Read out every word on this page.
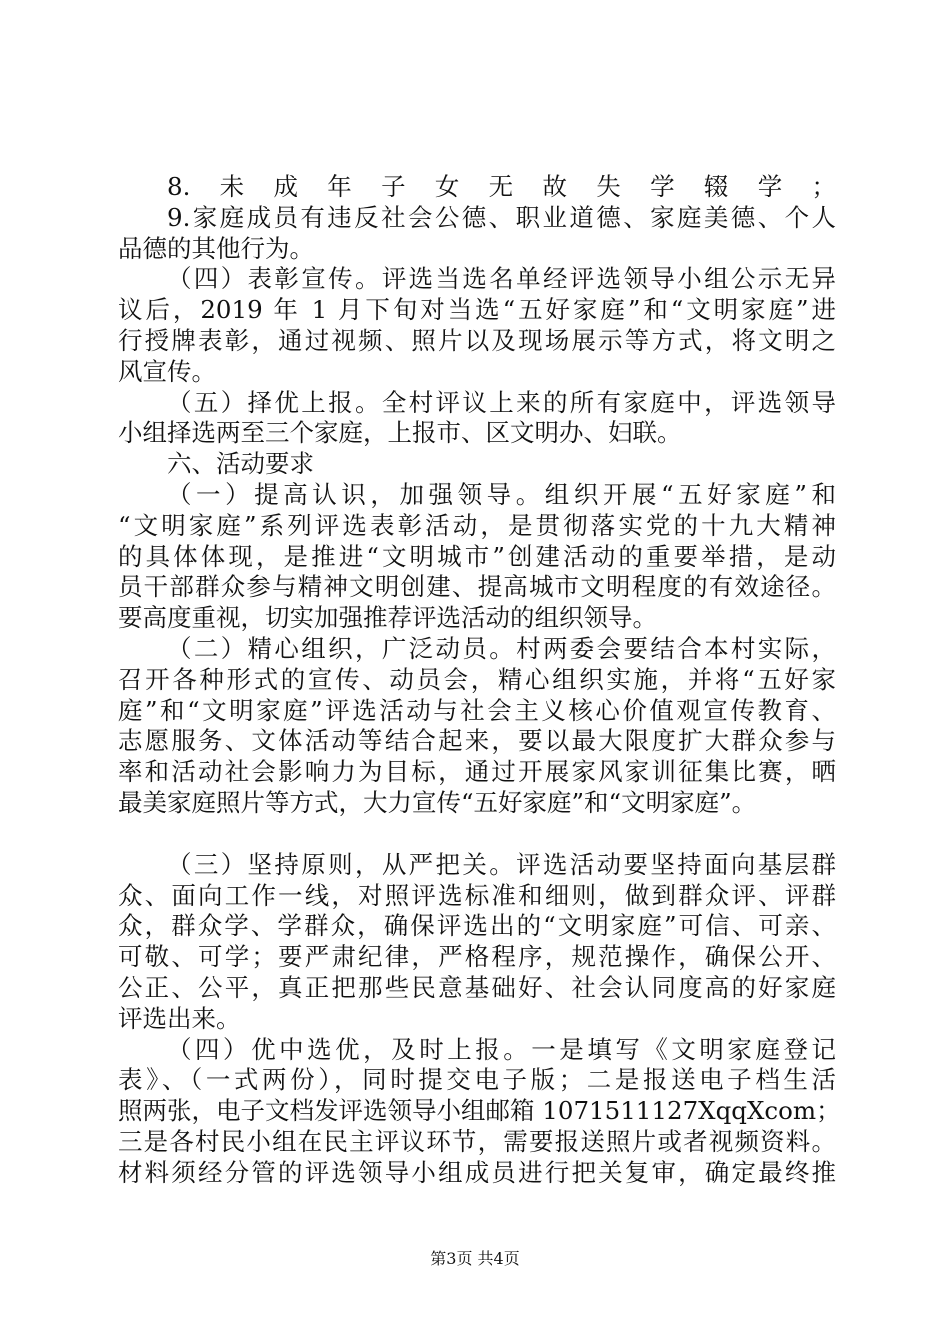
8.未成年子女无故失学辍学；
9.家庭成员有违反社会公德、职业道德、家庭美德、个人
品德的其他行为。
（四）表彰宣传。评选当选名单经评选领导小组公示无异
议后，2019 年 1 月下旬对当选“五好家庭”和“文明家庭”进
行授牌表彰，通过视频、照片以及现场展示等方式，将文明之
风宣传。
（五）择优上报。全村评议上来的所有家庭中，评选领导
小组择选两至三个家庭，上报市、区文明办、妇联。
六、活动要求
（一）提高认识，加强领导。组织开展“五好家庭”和
“文明家庭”系列评选表彰活动，是贯彻落实党的十九大精神
的具体体现，是推进“文明城市”创建活动的重要举措，是动
员干部群众参与精神文明创建、提高城市文明程度的有效途径。
要高度重视，切实加强推荐评选活动的组织领导。
（二）精心组织，广泛动员。村两委会要结合本村实际，
召开各种形式的宣传、动员会，精心组织实施，并将“五好家
庭”和“文明家庭”评选活动与社会主义核心价值观宣传教育、
志愿服务、文体活动等结合起来，要以最大限度扩大群众参与
率和活动社会影响力为目标，通过开展家风家训征集比赛，晒
最美家庭照片等方式，大力宣传“五好家庭”和“文明家庭”。
（三）坚持原则，从严把关。评选活动要坚持面向基层群
众、面向工作一线，对照评选标准和细则，做到群众评、评群
众，群众学、学群众，确保评选出的“文明家庭”可信、可亲、
可敬、可学；要严肃纪律，严格程序，规范操作，确保公开、
公正、公平，真正把那些民意基础好、社会认同度高的好家庭
评选出来。
（四）优中选优，及时上报。一是填写《文明家庭登记
表》、（一式两份），同时提交电子版；二是报送电子档生活
照两张，电子文档发评选领导小组邮箱 1071511127XqqXcom；
三是各村民小组在民主评议环节，需要报送照片或者视频资料。
材料须经分管的评选领导小组成员进行把关复审，确定最终推
第3页 共4页
